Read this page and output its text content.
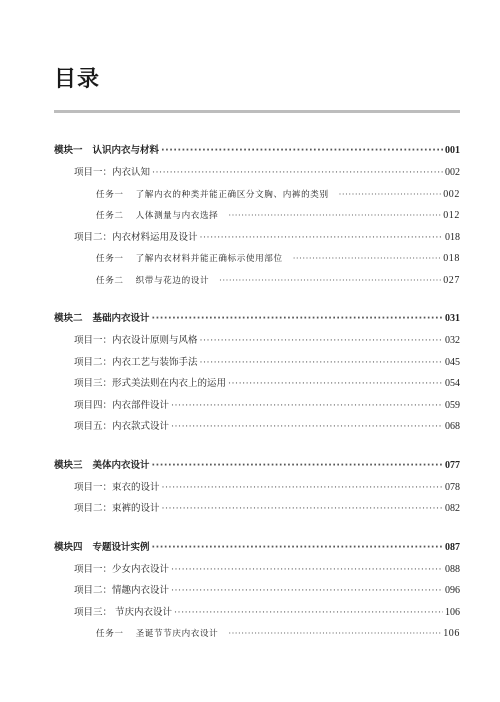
目录
模块一 认识内衣与材料 ·····	001
项目一：内衣认知 ·····	002
任务一 了解内衣的种类并能正确区分文胸、内裤的类别 ·····	002
任务二 人体测量与内衣选择 ·····	012
项目二：内衣材料运用及设计 ·····	018
任务一 了解内衣材料并能正确标示使用部位 ·····	018
任务二 织带与花边的设计 ·····	027
模块二 基础内衣设计 ·····	031
项目一：内衣设计原则与风格 ·····	032
项目二：内衣工艺与装饰手法 ·····	045
项目三：形式美法则在内衣上的运用 ·····	054
项目四：内衣部件设计 ·····	059
项目五：内衣款式设计 ·····	068
模块三 美体内衣设计 ·····	077
项目一：束衣的设计 ·····	078
项目二：束裤的设计 ·····	082
模块四 专题设计实例 ·····	087
项目一：少女内衣设计 ·····	088
项目二：情趣内衣设计 ·····	096
项目三： 节庆内衣设计 ·····	106
任务一 圣诞节节庆内衣设计 ·····	106
